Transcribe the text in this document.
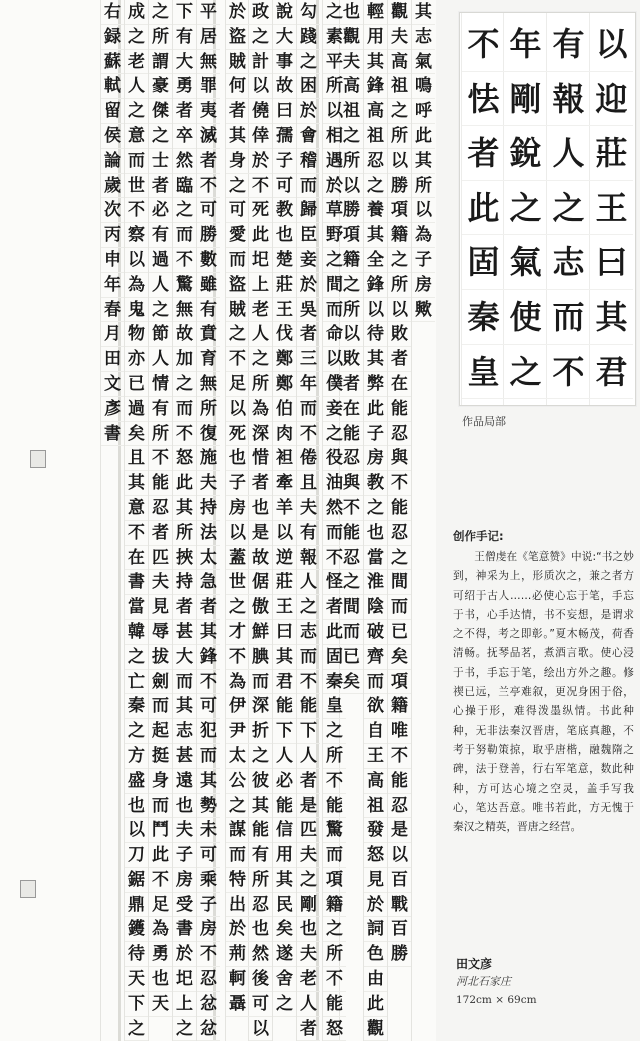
其
志
氣
鳴
呼
此
其
所
以
為
子
房
歟
觀
夫
高
祖
之
所
以
勝
項
籍
之
所
以
敗
者
在
能
忍
與
不
能
忍
之
間
而
已
矣
項
籍
唯
不
能
忍
是
以
百
戰
百
勝
輕
用
其
鋒
高
祖
忍
之
養
其
全
鋒
以
待
其
弊
此
子
房
教
之
也
當
淮
陰
破
齊
而
欲
自
王
高
祖
發
怒
見
於
詞
色
由
此
觀
也
觀
夫
高
祖
之
所
以
勝
項
籍
之
所
以
敗
者
在
能
忍
與
不
能
忍
之
間
而
已
矣
之
素
平
所
以
相
遇
於
草
野
之
間
而
命
以
僕
妾
之
役
油
然
而
不
怪
者
此
固
秦
皇
之
所
不
能
驚
而
項
籍
之
所
不
能
怒
勾
踐
之
困
於
會
稽
而
歸
臣
妾
於
吳
者
三
年
而
不
倦
且
夫
有
報
人
之
志
而
不
能
下
人
者
是
匹
夫
之
剛
也
夫
老
人
者
說
大
事
故
曰
孺
子
可
教
也
楚
莊
王
伐
鄭
鄭
伯
肉
袒
牽
羊
以
逆
莊
王
曰
其
君
能
下
人
必
能
信
用
其
民
矣
遂
舍
之
政
之
計
以
僥
倖
於
不
死
此
圯
上
老
人
之
所
為
深
惜
者
也
是
故
倨
傲
鮮
腆
而
深
折
之
彼
其
能
有
所
忍
也
然
後
可
以
於
盜
賊
何
者
其
身
之
可
愛
而
盜
賊
之
不
足
以
死
也
子
房
以
蓋
世
之
才
不
為
伊
尹
太
公
之
謀
而
特
出
於
荊
軻
聶
平
居
無
罪
夷
滅
者
不
可
勝
數
雖
有
賁
育
無
所
復
施
夫
持
法
太
急
者
其
鋒
不
可
犯
而
其
勢
未
可
乘
子
房
不
忍
忿
忿
下
有
大
勇
者
卒
然
臨
之
而
不
驚
無
故
加
之
而
不
怒
此
其
所
挾
持
者
甚
大
而
其
志
甚
遠
也
夫
子
房
受
書
於
圯
上
之
之
所
謂
豪
傑
之
士
者
必
有
過
人
之
節
人
情
有
所
不
能
忍
者
匹
夫
見
辱
拔
劍
而
起
挺
身
而
鬥
此
不
足
為
勇
也
天
成
之
老
人
之
意
而
世
不
察
以
為
鬼
物
亦
已
過
矣
且
其
意
不
在
書
當
韓
之
亡
秦
之
方
盛
也
以
刀
鋸
鼎
鑊
待
天
下
之
右
録
蘇
軾
留
侯
論
歲
次
丙
申
年
春
月
田
文
彥
書
以
迎
莊
王
曰
其
君
有
報
人
之
志
而
不
年
剛
銳
之
氣
使
之
不
怯
者
此
固
秦
皇
作品局部
创作手记:

王僧虔在《笔意赞》中说:“书之妙到，神采为上，形质次之，兼之者方可绍于古人……必使心忘于笔，手忘于书，心手达情，书不妄想，是谓求之不得，考之即彰。”夏木畅茂，荷香清畅。抚琴品茗，煮酒言歌。使心浸于书，手忘于笔，绘出方外之趣。修禊已远，兰亭难叙，更况身困于俗，心操于形，难得泼墨纵情。书此种种，无非法秦汉晋唐，笔底真趣，不考于努勒策掠，取乎唐楷，融魏隋之碑，法于登善，行右军笔意，数此种种，方可达心境之空灵，盖手写我心，笔达吾意。唯书若此，方无愧于秦汉之精英，晋唐之经营。

田文彦
河北石家庄
172cm × 69cm
